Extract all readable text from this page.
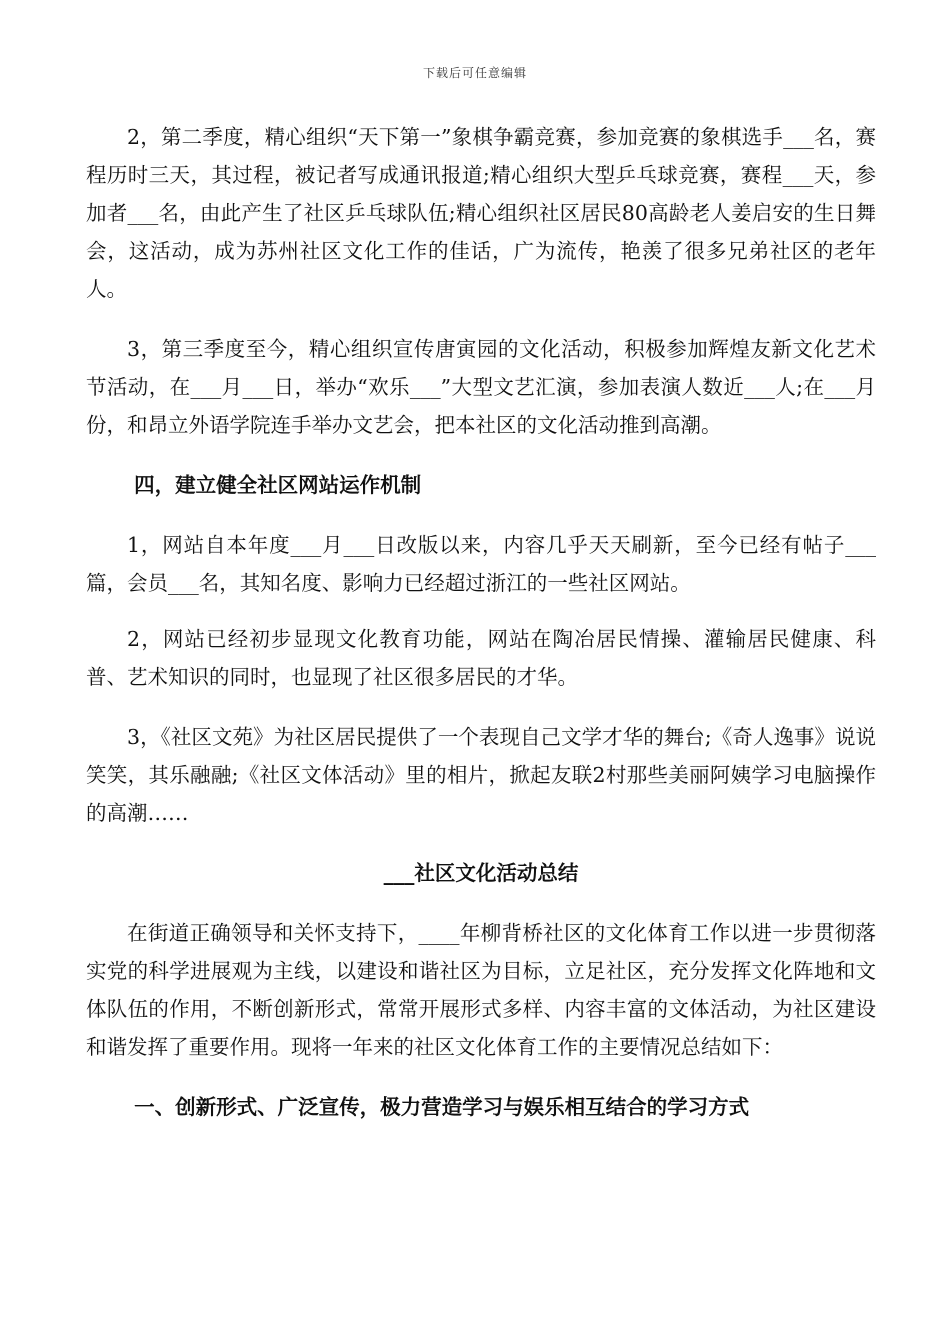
下载后可任意编辑

2，第二季度，精心组织“天下第一”象棋争霸竞赛，参加竞赛的象棋选手___名，赛程历时三天，其过程，被记者写成通讯报道;精心组织大型乒乓球竞赛，赛程___天，参加者___名，由此产生了社区乒乓球队伍;精心组织社区居民80高龄老人姜启安的生日舞会，这活动，成为苏州社区文化工作的佳话，广为流传，艳羡了很多兄弟社区的老年人。

3，第三季度至今，精心组织宣传唐寅园的文化活动，积极参加辉煌友新文化艺术节活动，在___月___日，举办“欢乐___”大型文艺汇演，参加表演人数近___人;在___月份，和昂立外语学院连手举办文艺会，把本社区的文化活动推到高潮。

四，建立健全社区网站运作机制

1，网站自本年度___月___日改版以来，内容几乎天天刷新，至今已经有帖子___篇，会员___名，其知名度、影响力已经超过浙江的一些社区网站。

2，网站已经初步显现文化教育功能，网站在陶冶居民情操、灌输居民健康、科普、艺术知识的同时，也显现了社区很多居民的才华。

3，《社区文苑》为社区居民提供了一个表现自己文学才华的舞台;《奇人逸事》说说笑笑，其乐融融;《社区文体活动》里的相片，掀起友联2村那些美丽阿姨学习电脑操作的高潮……

___社区文化活动总结

在街道正确领导和关怀支持下，____年柳背桥社区的文化体育工作以进一步贯彻落实党的科学进展观为主线，以建设和谐社区为目标，立足社区，充分发挥文化阵地和文体队伍的作用，不断创新形式，常常开展形式多样、内容丰富的文体活动，为社区建设和谐发挥了重要作用。现将一年来的社区文化体育工作的主要情况总结如下：

一、创新形式、广泛宣传，极力营造学习与娱乐相互结合的学习方式
